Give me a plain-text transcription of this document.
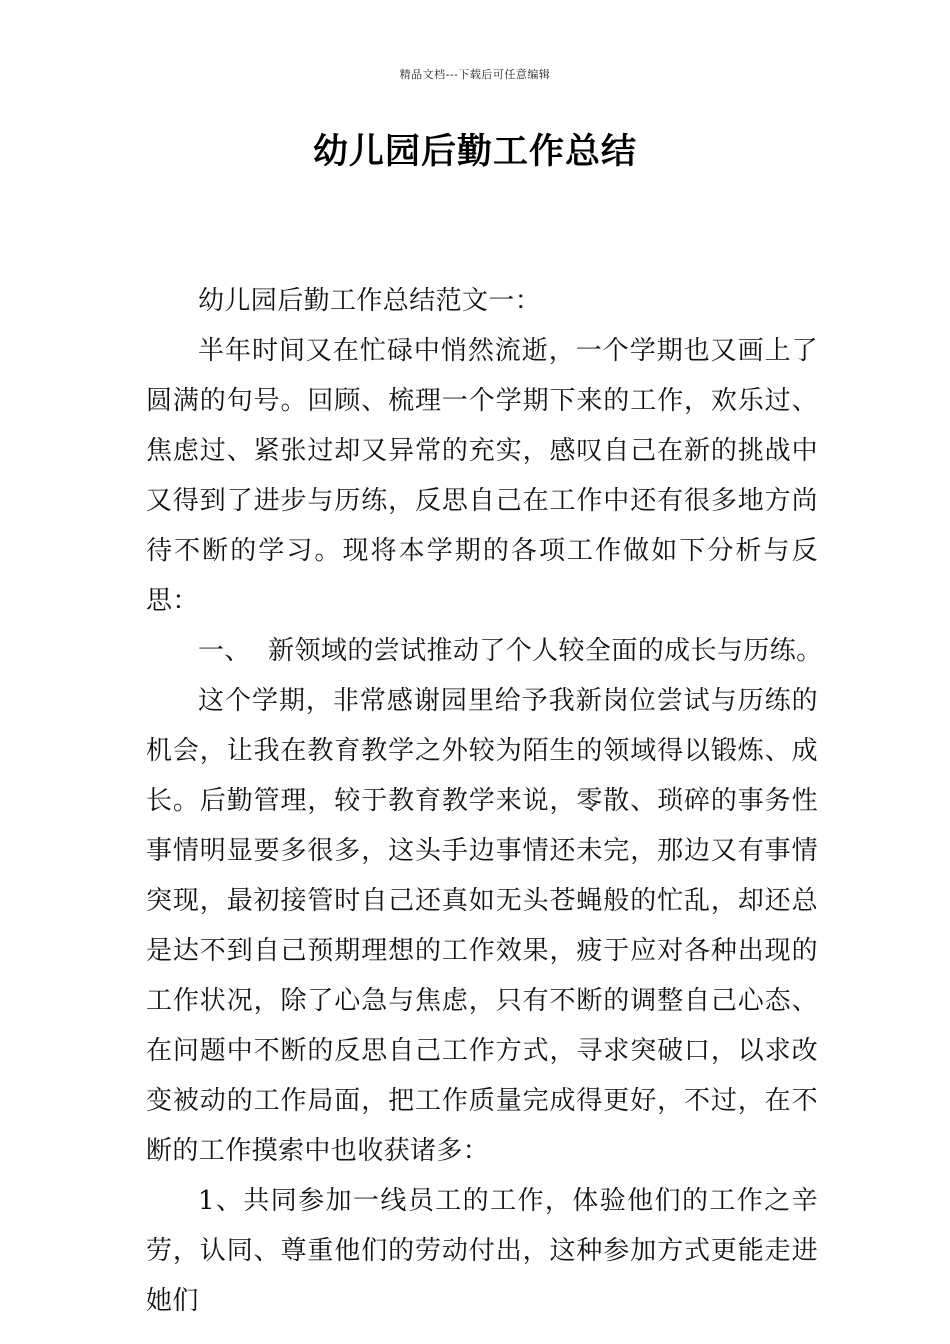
精品文档---下载后可任意编辑
幼儿园后勤工作总结

幼儿园后勤工作总结范文一：

半年时间又在忙碌中悄然流逝，一个学期也又画上了圆满的句号。回顾、梳理一个学期下来的工作，欢乐过、焦虑过、紧张过却又异常的充实，感叹自己在新的挑战中又得到了进步与历练，反思自己在工作中还有很多地方尚待不断的学习。现将本学期的各项工作做如下分析与反思：

一、  新领域的尝试推动了个人较全面的成长与历练。

这个学期，非常感谢园里给予我新岗位尝试与历练的机会，让我在教育教学之外较为陌生的领域得以锻炼、成长。后勤管理，较于教育教学来说，零散、琐碎的事务性事情明显要多很多，这头手边事情还未完，那边又有事情突现，最初接管时自己还真如无头苍蝇般的忙乱，却还总是达不到自己预期理想的工作效果，疲于应对各种出现的工作状况，除了心急与焦虑，只有不断的调整自己心态、在问题中不断的反思自己工作方式，寻求突破口，以求改变被动的工作局面，把工作质量完成得更好，不过，在不断的工作摸索中也收获诸多：

1、共同参加一线员工的工作，体验他们的工作之辛劳，认同、尊重他们的劳动付出，这种参加方式更能走进她们
